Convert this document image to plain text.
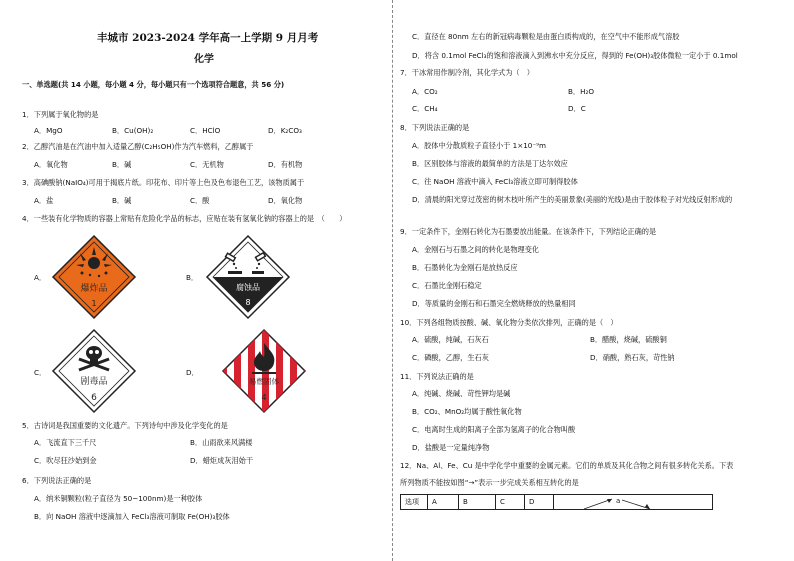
丰城市 2023-2024 学年高一上学期 9 月月考
化学
一、单选题(共 14 小题，每小题 4 分，每小题只有一个选项符合题意，共 56 分)
1．下列属于氧化物的是
A．MgO	B．Cu(OH)₂	C．HClO	D．K₂CO₃
2．乙醇汽油是在汽油中加入适量乙醇(C₂H₅OH)作为汽车燃料，乙醇属于
A．氧化物	B．碱	C．无机物	D．有机物
3．高碘酸钠(NaIO₄)可用于揭底片纸。印花布、印片等上色及色布退色工艺，该物质属于
A．盐	B．碱	C．酸	D．氧化物
4．一些装有化学物质的容器上常贴有危险化学品的标志，应贴在装有氢氧化钠的容器上的是　（　　）
A．
爆炸品
1
B．
腐蚀品
8
C．
剧毒品
6
D．
易燃固体
4
5．古诗词是我国重要的文化遗产。下列诗句中涉及化学变化的是
A．飞流直下三千尺	B．山雨欲来风满楼
C．吹尽狂沙始到金	D．蜡炬成灰泪始干
6．下列说法正确的是
A．纳米铜颗粒(粒子直径为 50~100nm)是一种胶体
B．向 NaOH 溶液中逐滴加入 FeCl₃溶液可制取 Fe(OH)₃胶体
C．直径在 80nm 左右的新冠病毒颗粒是由蛋白质构成的，在空气中不能形成气溶胶
D．将含 0.1mol FeCl₃的饱和溶液滴入到沸水中充分反应，得到的 Fe(OH)₃胶体微粒一定小于 0.1mol
7．干冰常用作制冷剂，其化学式为（　）
A．CO₂	B．H₂O
C．CH₄	D．C
8．下列说法正确的是
A．胶体中分散质粒子直径小于 1×10⁻⁹m
B．区别胶体与溶液的最简单的方法是丁达尔效应
C．往 NaOH 溶液中滴入 FeCl₃溶液立即可制得胶体
D．清晨的阳光穿过茂密的树木枝叶所产生的美丽景象(美丽的光线)是由于胶体粒子对光线反射形成的
9．一定条件下，金刚石转化为石墨要放出能量。在该条件下，下列结论正确的是
A．金刚石与石墨之间的转化是物理变化
B．石墨转化为金刚石是放热反应
C．石墨比金刚石稳定
D．等质量的金刚石和石墨完全燃烧释放的热量相同
10．下列各组物质按酸、碱、氧化物分类依次排列，正确的是（　）
A．硫酸，纯碱，石灰石	B．醋酸，烧碱，硫酸铜
C．磷酸，乙醇，生石灰	D．硝酸，熟石灰，苛性钠
11．下列说法正确的是
A．纯碱、烧碱、苛性钾均是碱
B．CO₂、MnO₂均属于酸性氧化物
C．电离时生成的阳离子全部为氢离子的化合物叫酸
D．盐酸是一定量纯净物
12．Na、Al、Fe、Cu 是中学化学中重要的金属元素。它们的单质及其化合物之间有很多转化关系。下表
所列物质不能按如图“→”表示一步完成关系相互转化的是
选项	A	B	C	D	a
